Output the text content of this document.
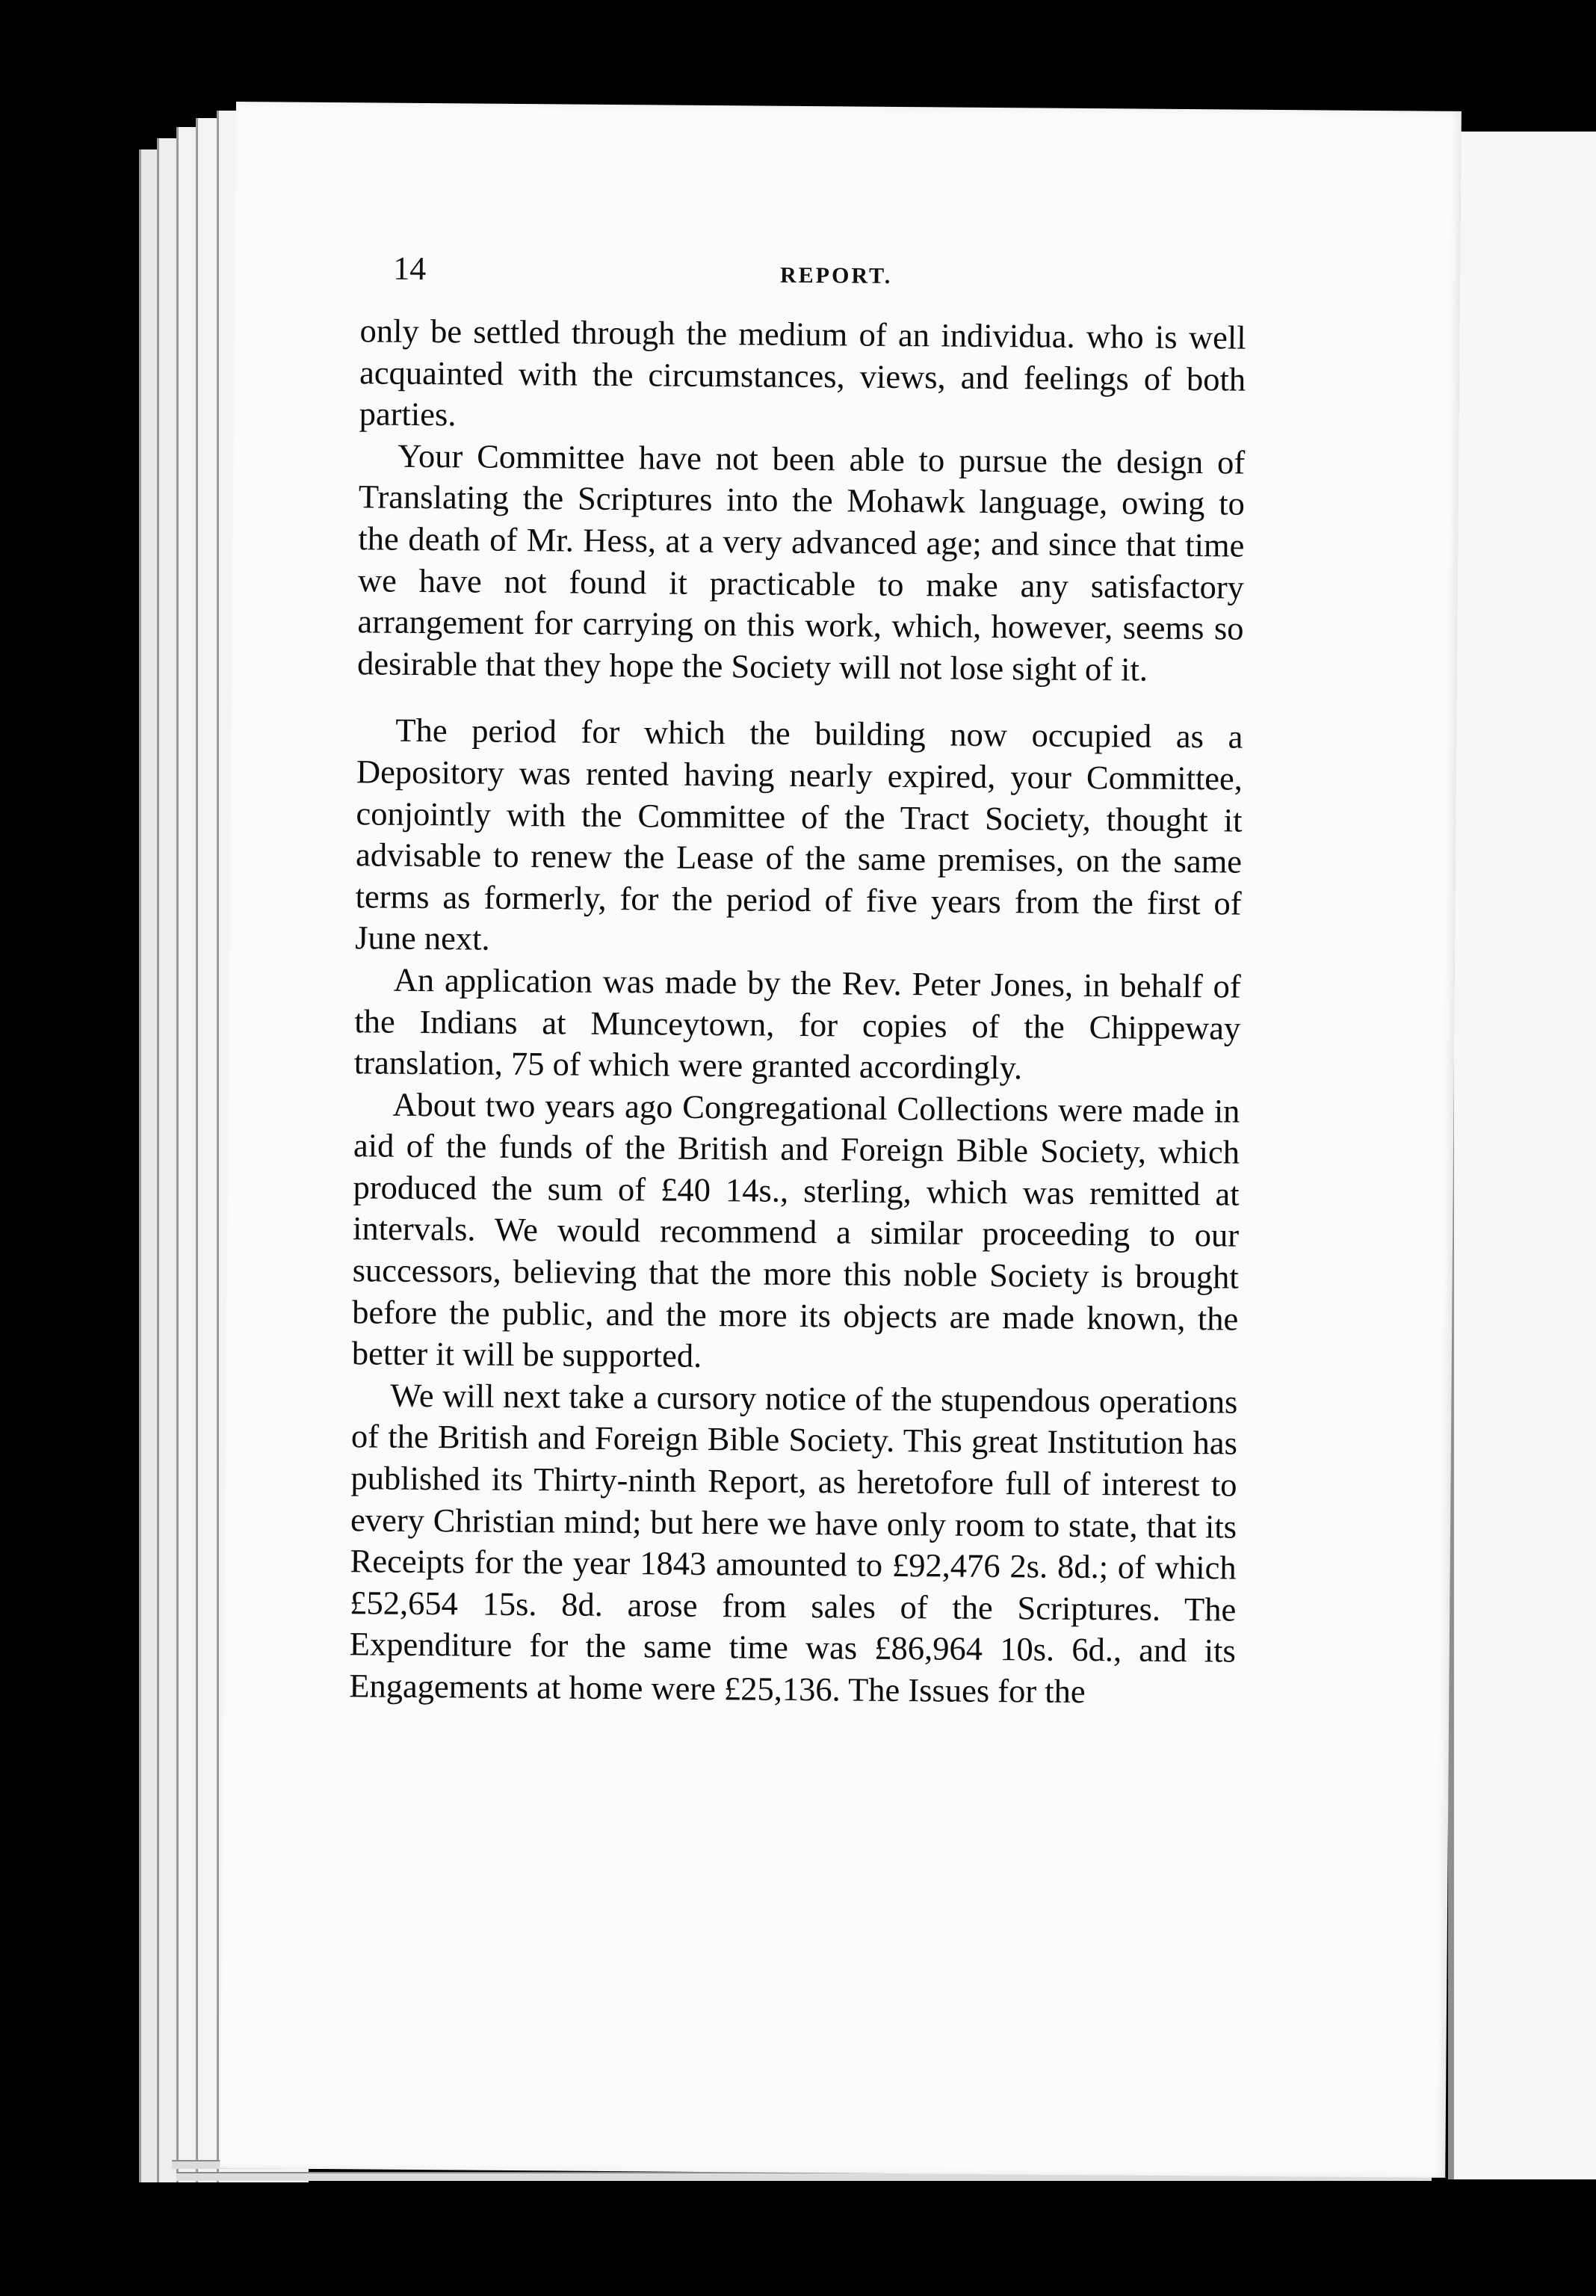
14	REPORT.

only be settled through the medium of an individua. who is well acquainted with the circumstances, views, and feelings of both parties.

Your Committee have not been able to pursue the design of Translating the Scriptures into the Mohawk language, owing to the death of Mr. Hess, at a very advanced age; and since that time we have not found it practicable to make any satisfactory arrangement for carrying on this work, which, however, seems so desirable that they hope the Society will not lose sight of it.

The period for which the building now occupied as a Depository was rented having nearly expired, your Committee, conjointly with the Committee of the Tract Society, thought it advisable to renew the Lease of the same premises, on the same terms as formerly, for the period of five years from the first of June next.

An application was made by the Rev. Peter Jones, in behalf of the Indians at Munceytown, for copies of the Chippeway translation, 75 of which were granted accordingly.

About two years ago Congregational Collections were made in aid of the funds of the British and Foreign Bible Society, which produced the sum of £40 14s., sterling, which was remitted at intervals. We would recommend a similar proceeding to our successors, believing that the more this noble Society is brought before the public, and the more its objects are made known, the better it will be supported.

We will next take a cursory notice of the stupendous operations of the British and Foreign Bible Society. This great Institution has published its Thirty-ninth Report, as heretofore full of interest to every Christian mind; but here we have only room to state, that its Receipts for the year 1843 amounted to £92,476 2s. 8d.; of which £52,654 15s. 8d. arose from sales of the Scriptures. The Expenditure for the same time was £86,964 10s. 6d., and its Engagements at home were £25,136. The Issues for the
